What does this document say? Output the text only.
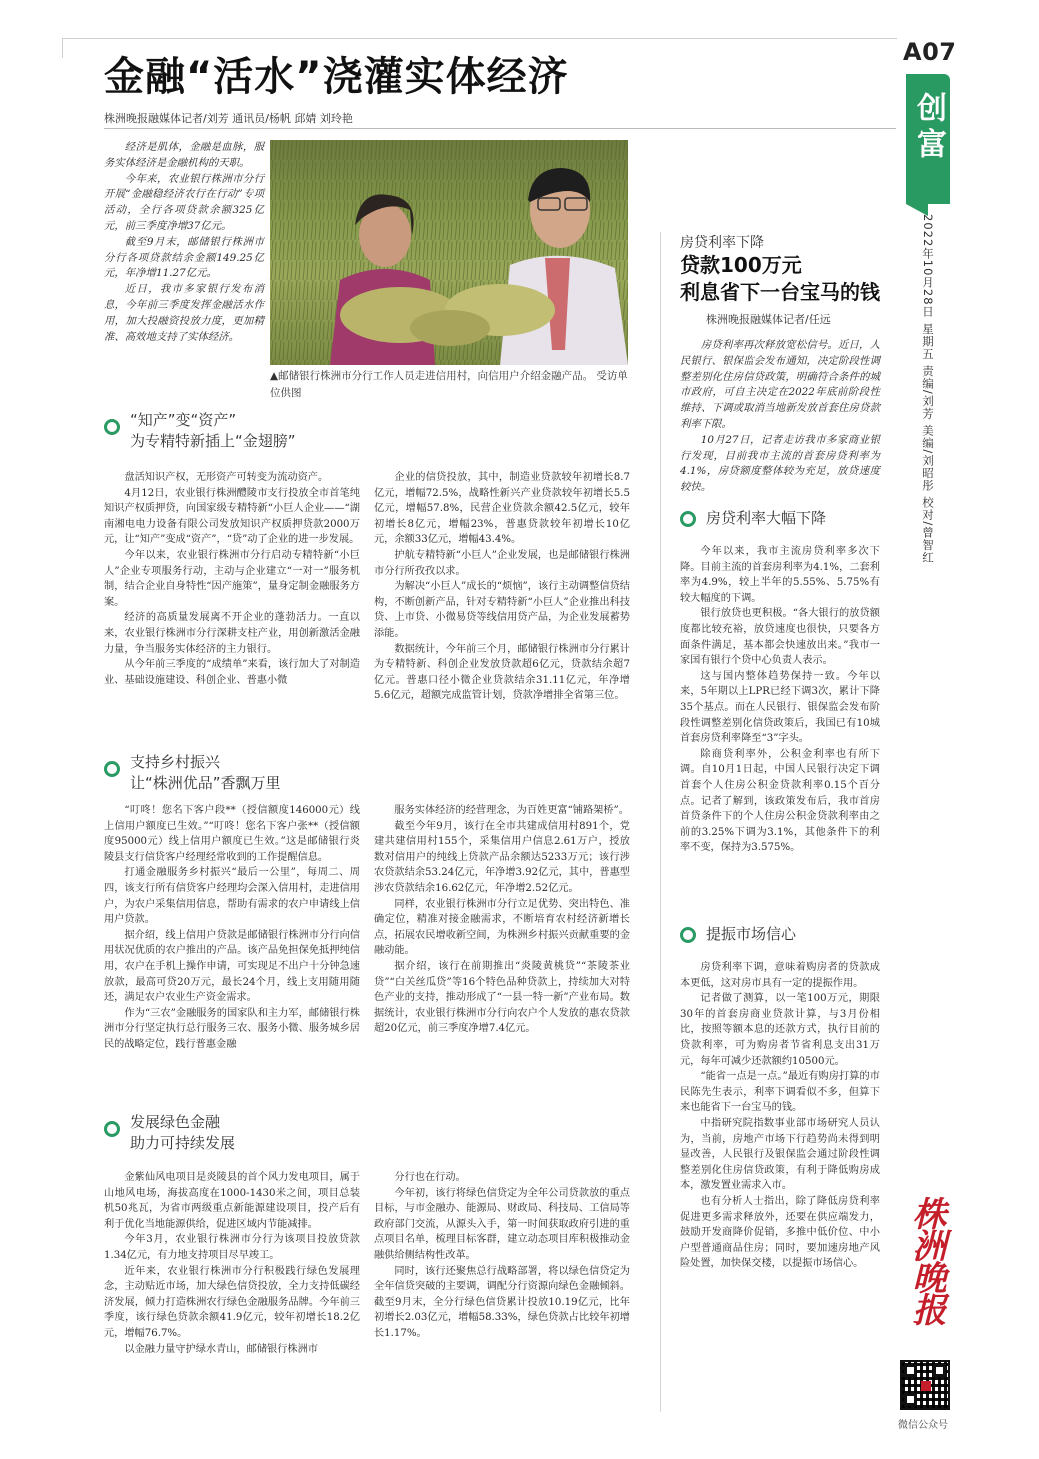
A07
创富
2022年10月28日 星期五 责编/刘芳 美编/刘昭彤 校对/曾智红
株洲晚报
微信公众号
金融“活水”浇灌实体经济
株洲晚报融媒体记者/刘芳 通讯员/杨帆 邱婧 刘玲艳

经济是肌体，金融是血脉，服务实体经济是金融机构的天职。

今年来，农业银行株洲市分行开展“金融稳经济农行在行动”专项活动，全行各项贷款余额325亿元，前三季度净增37亿元。

截至9月末，邮储银行株洲市分行各项贷款结余金额149.25亿元，年净增11.27亿元。

近日，我市多家银行发布消息，今年前三季度发挥金融活水作用，加大投融资投放力度，更加精准、高效地支持了实体经济。

▲邮储银行株洲市分行工作人员走进信用村，向信用户介绍金融产品。 受访单位供图
“知产”变“资产”
为专精特新插上“金翅膀”

盘活知识产权，无形资产可转变为流动资产。

4月12日，农业银行株洲醴陵市支行投放全市首笔纯知识产权质押贷，向国家级专精特新“小巨人企业——“湖南湘电电力设备有限公司发放知识产权质押贷款2000万元，让“知产”变成“资产”，“贷”动了企业的进一步发展。

今年以来，农业银行株洲市分行启动专精特新“小巨人”企业专项服务行动，主动与企业建立“一对一”服务机制，结合企业自身特性“因产施策”，量身定制金融服务方案。

经济的高质量发展离不开企业的蓬勃活力。一直以来，农业银行株洲市分行深耕支柱产业，用创新激活金融力量，争当服务实体经济的主力银行。

从今年前三季度的“成绩单”来看，该行加大了对制造业、基础设施建设、科创企业、普惠小微

企业的信贷投放，其中，制造业贷款较年初增长8.7亿元，增幅72.5%，战略性新兴产业贷款较年初增长5.5亿元，增幅57.8%，民营企业贷款余额42.5亿元，较年初增长8亿元，增幅23%，普惠贷款较年初增长10亿元，余额33亿元，增幅43.4%。

护航专精特新“小巨人”企业发展，也是邮储银行株洲市分行所孜孜以求。

为解决“小巨人”成长的“烦恼”，该行主动调整信贷结构，不断创新产品，针对专精特新“小巨人”企业推出科技贷、上市贷、小微易贷等线信用贷产品，为企业发展蓄势添能。

数据统计，今年前三个月，邮储银行株洲市分行累计为专精特新、科创企业发放贷款超6亿元，贷款结余超7亿元。普惠口径小微企业贷款结余31.11亿元，年净增5.6亿元，超额完成监管计划，贷款净增排全省第三位。

支持乡村振兴
让“株洲优品”香飘万里

“叮咚！您名下客户段**（授信额度146000元）线上信用户额度已生效。”“叮咚！您名下客户张**（授信额度95000元）线上信用户额度已生效。”这是邮储银行炎陵县支行信贷客户经理经常收到的工作提醒信息。

打通金融服务乡村振兴“最后一公里”，每周二、周四，该支行所有信贷客户经理均会深入信用村，走进信用户，为农户采集信用信息，帮助有需求的农户申请线上信用户贷款。

据介绍，线上信用户贷款是邮储银行株洲市分行向信用状况优质的农户推出的产品。该产品免担保免抵押纯信用，农户在手机上操作申请，可实现足不出户十分钟急速放款，最高可贷20万元，最长24个月，线上支用随用随还，满足农户农业生产资金需求。

作为“三农”金融服务的国家队和主力军，邮储银行株洲市分行坚定执行总行服务三农、服务小微、服务城乡居民的战略定位，践行普惠金融

服务实体经济的经营理念，为百姓更富“铺路架桥”。

截至今年9月，该行在全市共建成信用村891个，党建共建信用村155个，采集信用户信息2.61万户，授放数对信用户的纯线上贷款产品余额达5233万元；该行涉农贷款结余53.24亿元，年净增3.92亿元，其中，普惠型涉农贷款结余16.62亿元，年净增2.52亿元。

同样，农业银行株洲市分行立足优势、突出特色、准确定位，精准对接金融需求，不断培育农村经济新增长点，拓展农民增收新空间，为株洲乡村振兴贡献重要的金融动能。

据介绍，该行在前期推出“炎陵黄桃贷”“茶陵茶业贷”“白关丝瓜贷”等16个特色品种贷款上，持续加大对特色产业的支持，推动形成了“一县一特一新”产业布局。数据统计，农业银行株洲市分行向农户个人发放的惠农贷款超20亿元，前三季度净增7.4亿元。

发展绿色金融
助力可持续发展

金紫仙风电项目是炎陵县的首个风力发电项目，属于山地风电场，海拔高度在1000-1430米之间，项目总装机50兆瓦，为省市两级重点新能源建设项目，投产后有利于优化当地能源供给，促进区域内节能减排。

今年3月，农业银行株洲市分行为该项目投放贷款1.34亿元，有力地支持项目尽早竣工。

近年来，农业银行株洲市分行积极践行绿色发展理念，主动贴近市场，加大绿色信贷投放，全力支持低碳经济发展，倾力打造株洲农行绿色金融服务品牌。今年前三季度，该行绿色贷款余额41.9亿元，较年初增长18.2亿元，增幅76.7%。

以金融力量守护绿水青山，邮储银行株洲市

分行也在行动。

今年初，该行将绿色信贷定为全年公司贷款放的重点目标，与市金融办、能源局、财政局、科技局、工信局等政府部门交流，从源头入手，第一时间获取政府引进的重点项目名单，梳理目标客群，建立动态项目库积极推动金融供给侧结构性改革。

同时，该行还聚焦总行战略部署，将以绿色信贷定为全年信贷突破的主要调，调配分行资源向绿色金融倾斜。截至9月末，全分行绿色信贷累计投放10.19亿元，比年初增长2.03亿元，增幅58.33%，绿色贷款占比较年初增长1.17%。

房贷利率下降
贷款100万元
利息省下一台宝马的钱
株洲晚报融媒体记者/任远

房贷利率再次释放宽松信号。近日，人民银行、银保监会发布通知，决定阶段性调整差别化住房信贷政策，明确符合条件的城市政府，可自主决定在2022年底前阶段性维持、下调或取消当地新发放首套住房贷款利率下限。

10月27日，记者走访我市多家商业银行发现，目前我市主流的首套房贷利率为4.1%，房贷额度整体较为充足，放贷速度较快。

房贷利率大幅下降

今年以来，我市主流房贷利率多次下降。目前主流的首套房利率为4.1%，二套利率为4.9%，较上半年的5.55%、5.75%有较大幅度的下调。

银行放贷也更积极。“各大银行的放贷额度都比较充裕，放贷速度也很快，只要各方面条件满足，基本都会快速放出来。”我市一家国有银行个贷中心负责人表示。

这与国内整体趋势保持一致。今年以来，5年期以上LPR已经下调3次，累计下降35个基点。而在人民银行、银保监会发布阶段性调整差别化信贷政策后，我国已有10城首套房贷利率降至“3”字头。

除商贷利率外，公积金利率也有所下调。自10月1日起，中国人民银行决定下调首套个人住房公积金贷款利率0.15个百分点。记者了解到，该政策发布后，我市首房首贷条件下的个人住房公积金贷款利率由之前的3.25%下调为3.1%，其他条件下的利率不变，保持为3.575%。

提振市场信心

房贷利率下调，意味着购房者的贷款成本更低，这对房市具有一定的提振作用。

记者做了测算，以一笔100万元，期限30年的首套房商业贷款计算，与3月份相比，按照等额本息的还款方式，执行目前的贷款利率，可为购房者节省利息支出31万元，每年可减少还款额约10500元。

“能省一点是一点。”最近有购房打算的市民陈先生表示，利率下调看似不多，但算下来也能省下一台宝马的钱。

中指研究院指数事业部市场研究人员认为，当前，房地产市场下行趋势尚未得到明显改善，人民银行及银保监会通过阶段性调整差别化住房信贷政策，有利于降低购房成本，激发置业需求入市。

也有分析人士指出，除了降低房贷利率促进更多需求释放外，还要在供应端发力，鼓励开发商降价促销，多推中低价位、中小户型普通商品住房；同时，要加速房地产风险处置，加快保交楼，以提振市场信心。
